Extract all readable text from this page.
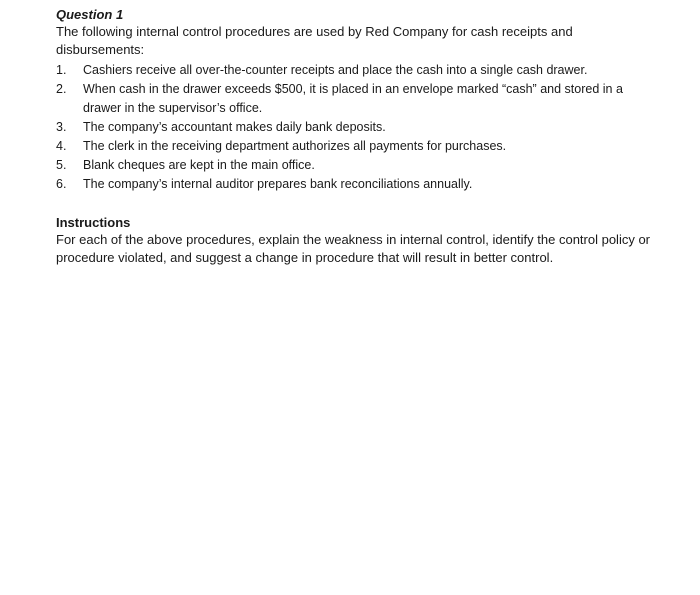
Question 1

The following internal control procedures are used by Red Company for cash receipts and disbursements:

1.	Cashiers receive all over-the-counter receipts and place the cash into a single cash drawer.
2.	When cash in the drawer exceeds $500, it is placed in an envelope marked “cash” and stored in a drawer in the supervisor’s office.
3.	The company’s accountant makes daily bank deposits.
4.	The clerk in the receiving department authorizes all payments for purchases.
5.	Blank cheques are kept in the main office.
6.	The company’s internal auditor prepares bank reconciliations annually.

Instructions

For each of the above procedures, explain the weakness in internal control, identify the control policy or procedure violated, and suggest a change in procedure that will result in better control.
